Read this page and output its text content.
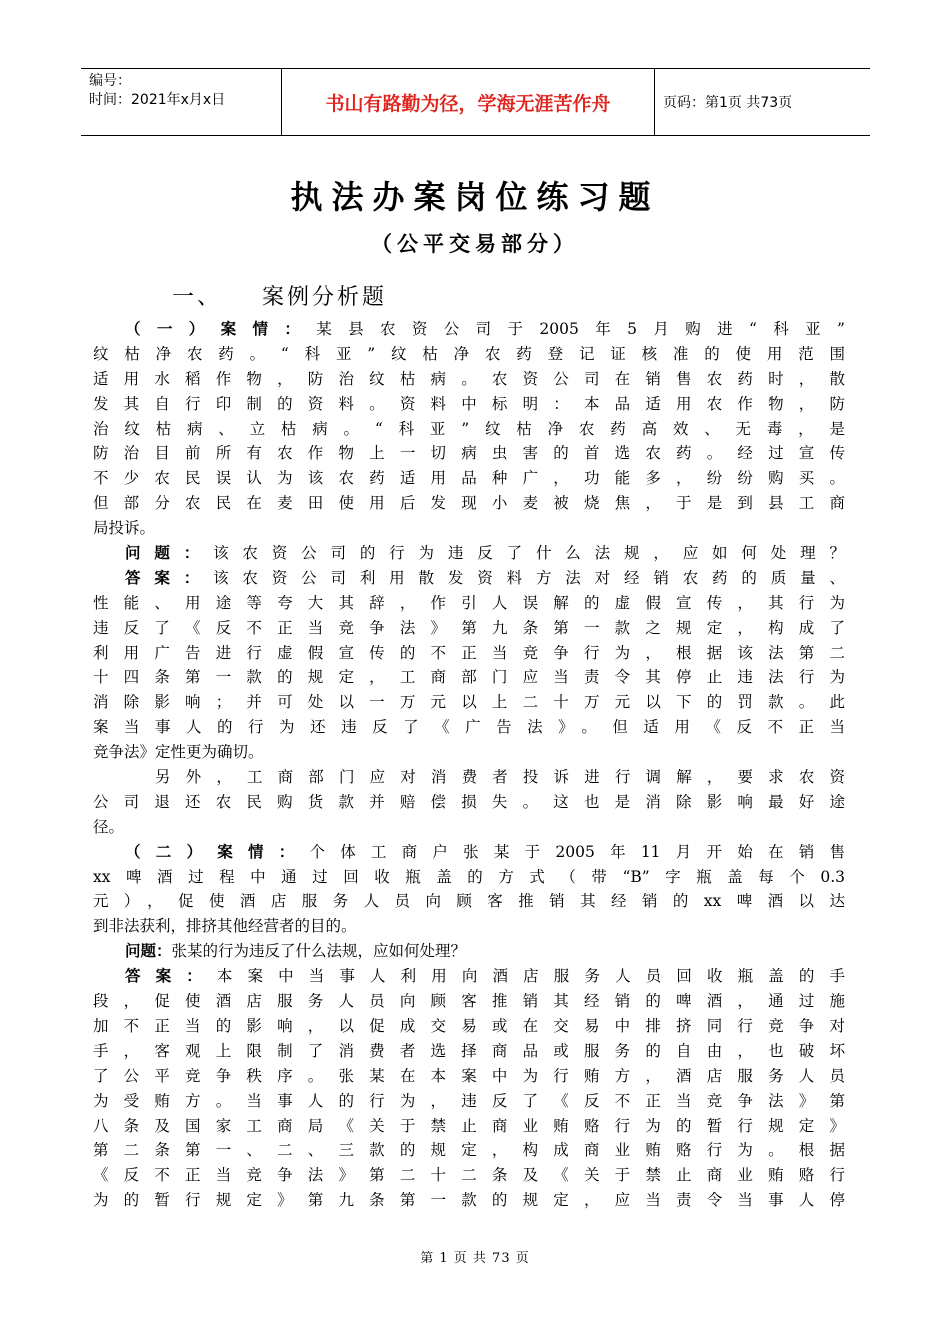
编号：
时间：2021年x月x日	书山有路勤为径，学海无涯苦作舟	页码：第1页 共73页
执法办案岗位练习题
（公平交易部分）
一、 案例分析题
（一）案情：某县农资公司于2005年5月购进“科亚”
纹枯净农药。“科亚”纹枯净农药登记证核准的使用范围
适用水稻作物，防治纹枯病。农资公司在销售农药时，散
发其自行印制的资料。资料中标明：本品适用农作物，防
治纹枯病、立枯病。“科亚”纹枯净农药高效、无毒，是
防治目前所有农作物上一切病虫害的首选农药。经过宣传
不少农民误认为该农药适用品种广，功能多，纷纷购买。
但部分农民在麦田使用后发现小麦被烧焦，于是到县工商
局投诉。
问题：该农资公司的行为违反了什么法规，应如何处理？
答案：该农资公司利用散发资料方法对经销农药的质量、
性能、用途等夸大其辞，作引人误解的虚假宣传，其行为
违反了《反不正当竞争法》第九条第一款之规定，构成了
利用广告进行虚假宣传的不正当竞争行为，根据该法第二
十四条第一款的规定，工商部门应当责令其停止违法行为
消除影响；并可处以一万元以上二十万元以下的罚款。此
案当事人的行为还违反了《广告法》。但适用《反不正当
竞争法》定性更为确切。
另外，工商部门应对消费者投诉进行调解，要求农资
公司退还农民购货款并赔偿损失。这也是消除影响最好途
径。
（二）案情：个体工商户张某于2005年11月开始在销售
xx啤酒过程中通过回收瓶盖的方式（带“B”字瓶盖每个0.3
元），促使酒店服务人员向顾客推销其经销的xx啤酒以达
到非法获利，排挤其他经营者的目的。
问题：张某的行为违反了什么法规，应如何处理？
答案：本案中当事人利用向酒店服务人员回收瓶盖的手
段，促使酒店服务人员向顾客推销其经销的啤酒，通过施
加不正当的影响，以促成交易或在交易中排挤同行竞争对
手，客观上限制了消费者选择商品或服务的自由，也破坏
了公平竞争秩序。张某在本案中为行贿方，酒店服务人员
为受贿方。当事人的行为，违反了《反不正当竞争法》第
八条及国家工商局《关于禁止商业贿赂行为的暂行规定》
第二条第一、二、三款的规定，构成商业贿赂行为。根据
《反不正当竞争法》第二十二条及《关于禁止商业贿赂行
为的暂行规定》第九条第一款的规定，应当责令当事人停
第 1 页 共 73 页
